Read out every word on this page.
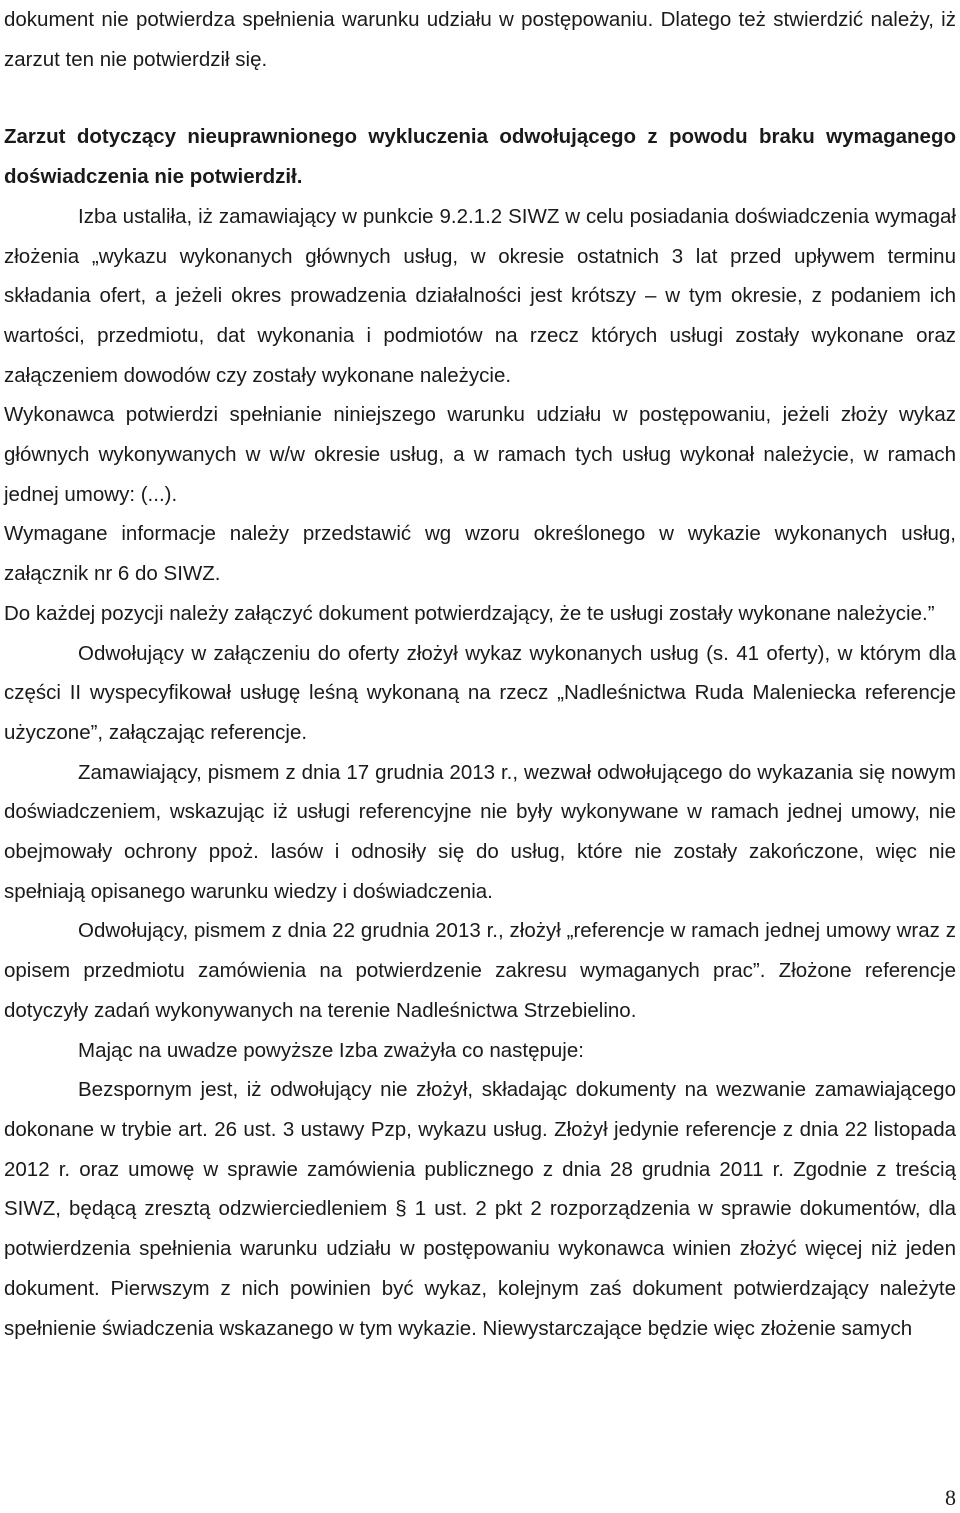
dokument nie potwierdza spełnienia warunku udziału w postępowaniu. Dlatego też stwierdzić należy, iż zarzut ten nie potwierdził się.

Zarzut dotyczący nieuprawnionego wykluczenia odwołującego z powodu braku wymaganego doświadczenia nie potwierdził.

Izba ustaliła, iż zamawiający w punkcie 9.2.1.2 SIWZ w celu posiadania doświadczenia wymagał złożenia „wykazu wykonanych głównych usług, w okresie ostatnich 3 lat przed upływem terminu składania ofert, a jeżeli okres prowadzenia działalności jest krótszy – w tym okresie, z podaniem ich wartości, przedmiotu, dat wykonania i podmiotów na rzecz których usługi zostały wykonane oraz załączeniem dowodów czy zostały wykonane należycie.

Wykonawca potwierdzi spełnianie niniejszego warunku udziału w postępowaniu, jeżeli złoży wykaz głównych wykonywanych w w/w okresie usług, a w ramach tych usług wykonał należycie, w ramach jednej umowy: (...).

Wymagane informacje należy przedstawić wg wzoru określonego w wykazie wykonanych usług, załącznik nr 6 do SIWZ.

Do każdej pozycji należy załączyć dokument potwierdzający, że te usługi zostały wykonane należycie.”

Odwołujący w załączeniu do oferty złożył wykaz wykonanych usług (s. 41 oferty), w którym dla części II wyspecyfikował usługę leśną wykonaną na rzecz „Nadleśnictwa Ruda Maleniecka referencje użyczone”, załączając referencje.

Zamawiający, pismem z dnia 17 grudnia 2013 r., wezwał odwołującego do wykazania się nowym doświadczeniem, wskazując iż usługi referencyjne nie były wykonywane w ramach jednej umowy, nie obejmowały ochrony ppoż. lasów i odnosiły się do usług, które nie zostały zakończone, więc nie spełniają opisanego warunku wiedzy i doświadczenia.

Odwołujący, pismem z dnia 22 grudnia 2013 r., złożył „referencje w ramach jednej umowy wraz z opisem przedmiotu zamówienia na potwierdzenie zakresu wymaganych prac”. Złożone referencje dotyczyły zadań wykonywanych na terenie Nadleśnictwa Strzebielino.

Mając na uwadze powyższe Izba zważyła co następuje:

Bezspornym jest, iż odwołujący nie złożył, składając dokumenty na wezwanie zamawiającego dokonane w trybie art. 26 ust. 3 ustawy Pzp, wykazu usług. Złożył jedynie referencje z dnia 22 listopada 2012 r. oraz umowę w sprawie zamówienia publicznego z dnia 28 grudnia 2011 r. Zgodnie z treścią SIWZ, będącą zresztą odzwierciedleniem § 1 ust. 2 pkt 2 rozporządzenia w sprawie dokumentów, dla potwierdzenia spełnienia warunku udziału w postępowaniu wykonawca winien złożyć więcej niż jeden dokument. Pierwszym z nich powinien być wykaz, kolejnym zaś dokument potwierdzający należyte spełnienie świadczenia wskazanego w tym wykazie. Niewystarczające będzie więc złożenie samych

8
